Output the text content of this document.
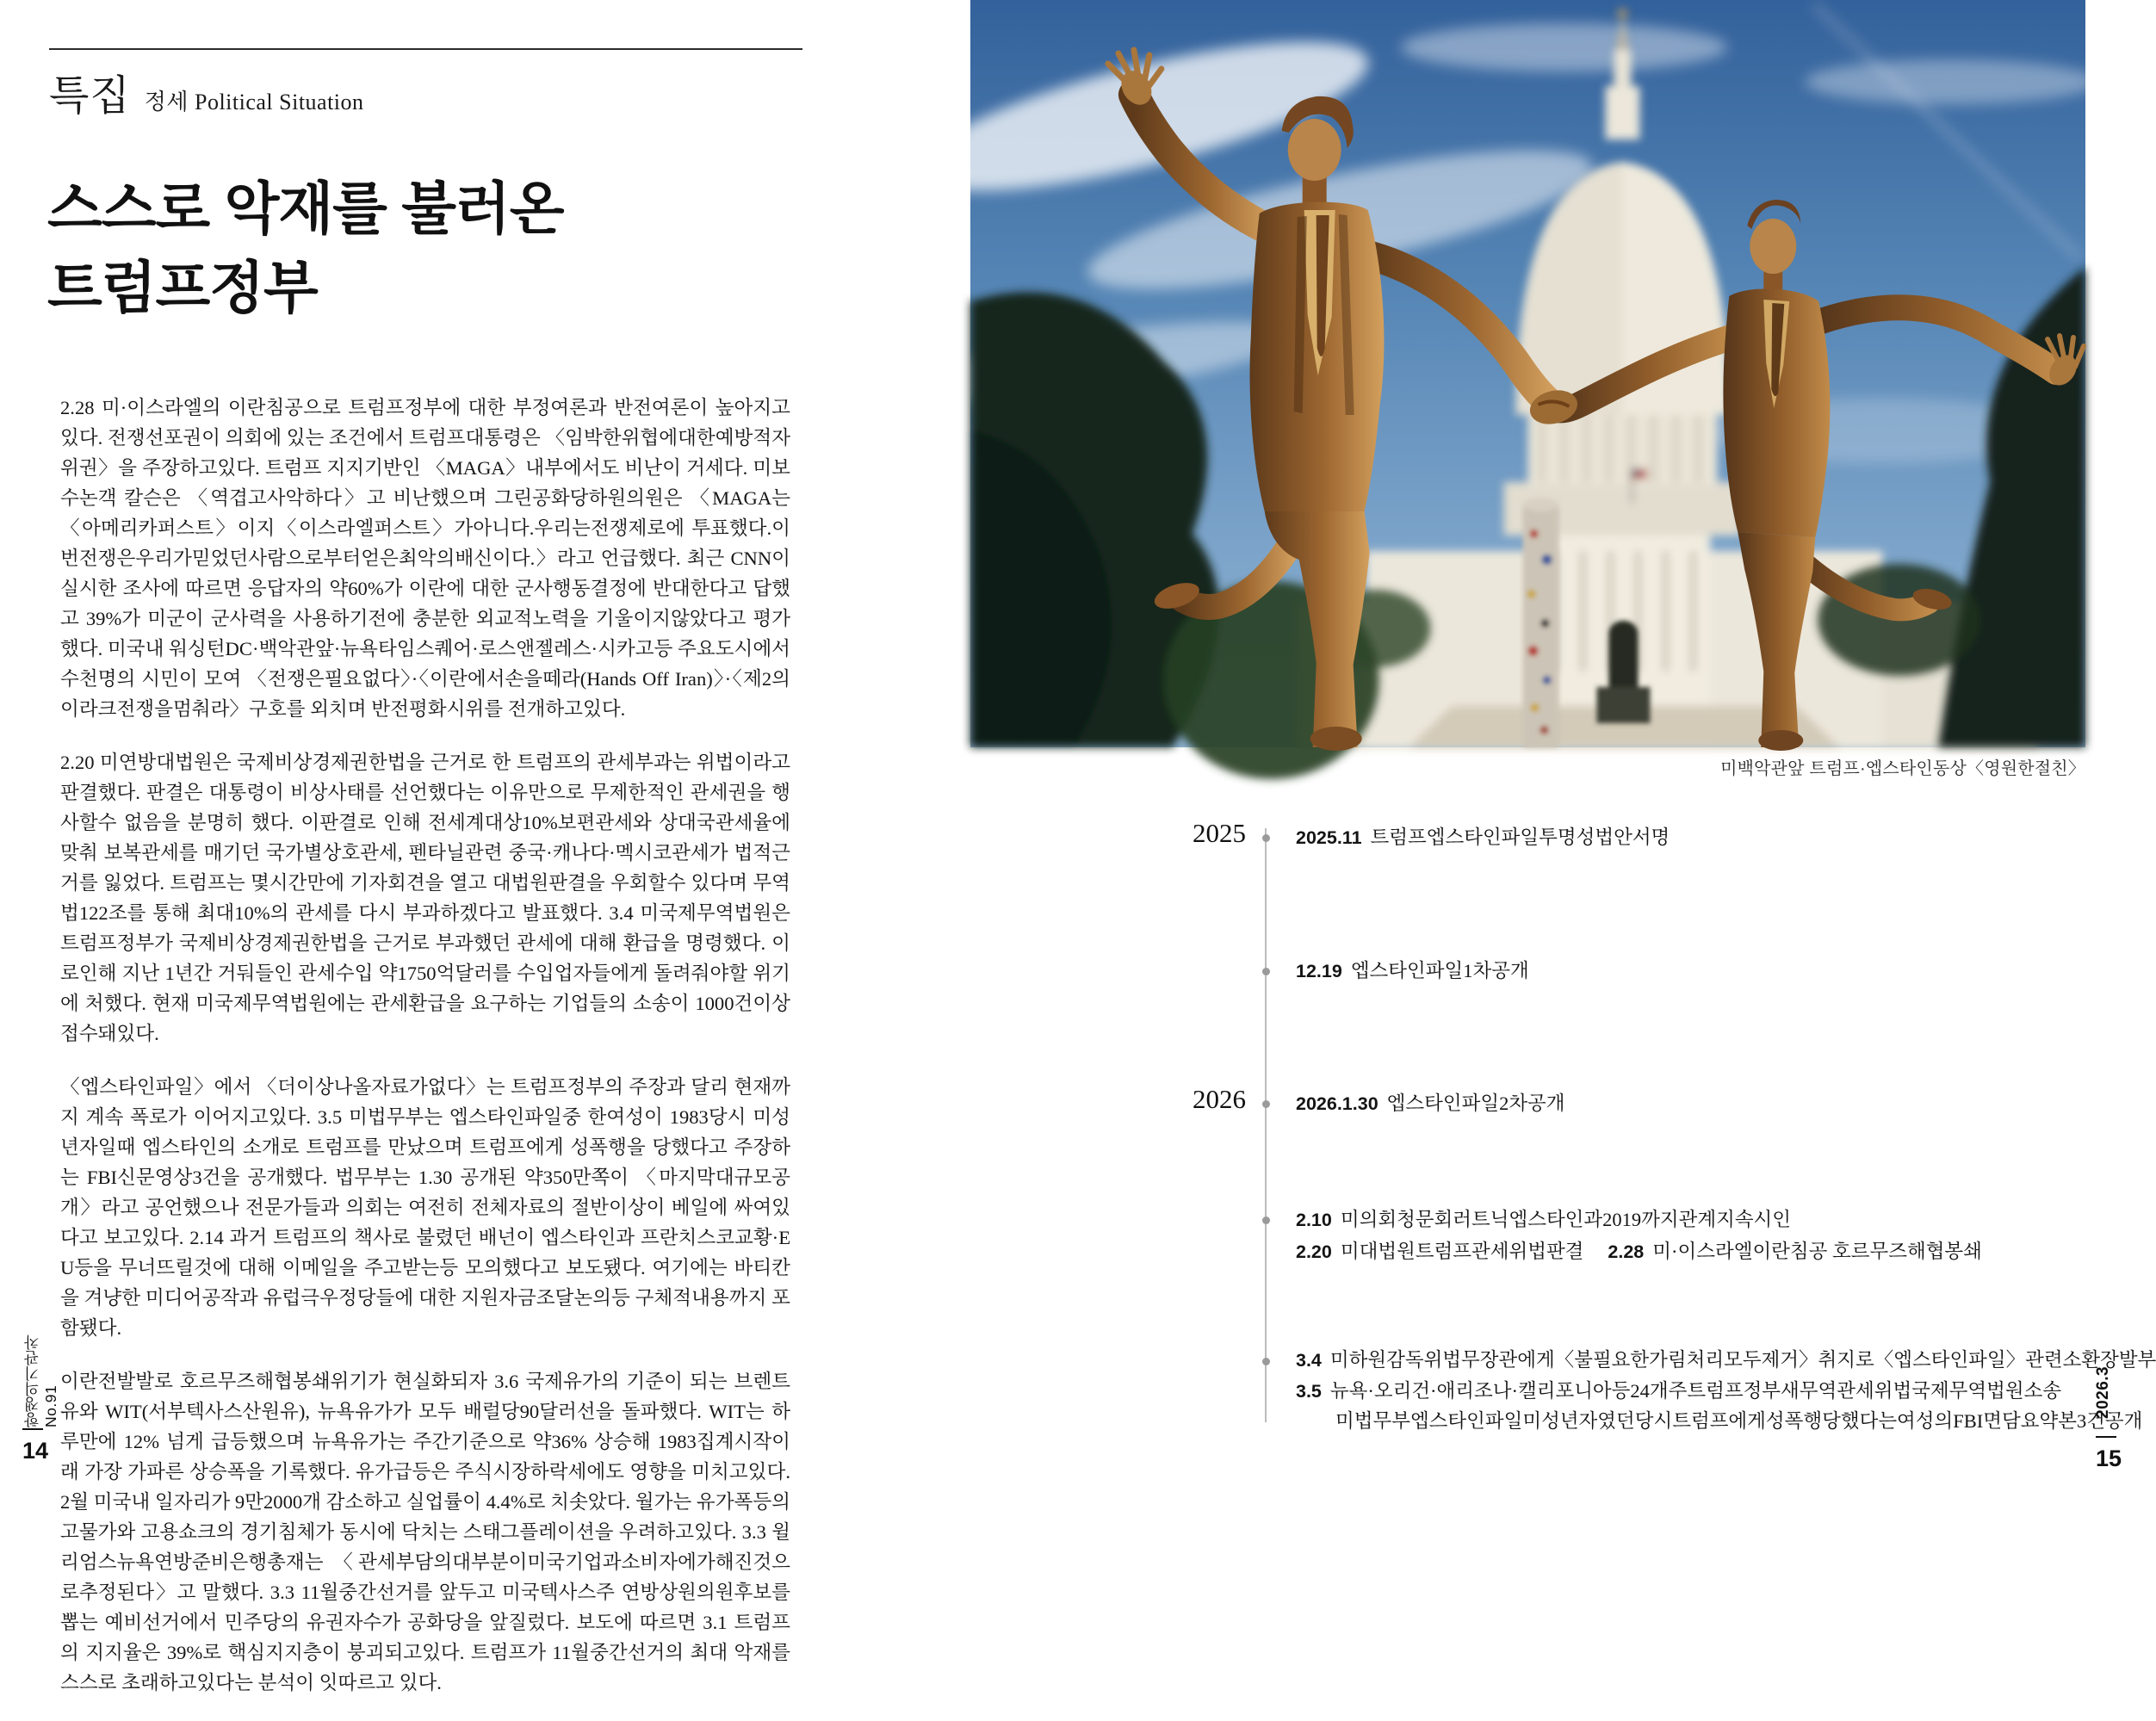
특집 정세 Political Situation
스스로 악재를 불러온
트럼프정부

2.28 미·이스라엘의 이란침공으로 트럼프정부에 대한 부정여론과 반전여론이 높아지고있다. 전쟁선포권이 의회에 있는 조건에서 트럼프대통령은 〈임박한위협에대한예방적자위권〉을 주장하고있다. 트럼프 지지기반인 〈MAGA〉내부에서도 비난이 거세다. 미보수논객 칼슨은 〈역겹고사악하다〉고 비난했으며 그린공화당하원의원은 〈MAGA는〈아메리카퍼스트〉이지〈이스라엘퍼스트〉가아니다.우리는전쟁제로에 투표했다.이번전쟁은우리가믿었던사람으로부터얻은최악의배신이다.〉라고 언급했다. 최근 CNN이 실시한 조사에 따르면 응답자의 약60%가 이란에 대한 군사행동결정에 반대한다고 답했고 39%가 미군이 군사력을 사용하기전에 충분한 외교적노력을 기울이지않았다고 평가했다. 미국내 워싱턴DC·백악관앞·뉴욕타임스퀘어·로스앤젤레스·시카고등 주요도시에서 수천명의 시민이 모여 〈전쟁은필요없다〉·〈이란에서손을떼라(Hands Off Iran)〉·〈제2의이라크전쟁을멈춰라〉구호를 외치며 반전평화시위를 전개하고있다.

2.20 미연방대법원은 국제비상경제권한법을 근거로 한 트럼프의 관세부과는 위법이라고 판결했다. 판결은 대통령이 비상사태를 선언했다는 이유만으로 무제한적인 관세권을 행사할수 없음을 분명히 했다. 이판결로 인해 전세계대상10%보편관세와 상대국관세율에 맞춰 보복관세를 매기던 국가별상호관세, 펜타닐관련 중국·캐나다·멕시코관세가 법적근거를 잃었다. 트럼프는 몇시간만에 기자회견을 열고 대법원판결을 우회할수 있다며 무역법122조를 통해 최대10%의 관세를 다시 부과하겠다고 발표했다. 3.4 미국제무역법원은 트럼프정부가 국제비상경제권한법을 근거로 부과했던 관세에 대해 환급을 명령했다. 이로인해 지난 1년간 거둬들인 관세수입 약1750억달러를 수입업자들에게 돌려줘야할 위기에 처했다. 현재 미국제무역법원에는 관세환급을 요구하는 기업들의 소송이 1000건이상 접수돼있다.

〈엡스타인파일〉에서 〈더이상나올자료가없다〉는 트럼프정부의 주장과 달리 현재까지 계속 폭로가 이어지고있다. 3.5 미법무부는 엡스타인파일중 한여성이 1983당시 미성년자일때 엡스타인의 소개로 트럼프를 만났으며 트럼프에게 성폭행을 당했다고 주장하는 FBI신문영상3건을 공개했다. 법무부는 1.30 공개된 약350만쪽이 〈마지막대규모공개〉라고 공언했으나 전문가들과 의회는 여전히 전체자료의 절반이상이 베일에 싸여있다고 보고있다. 2.14 과거 트럼프의 책사로 불렸던 배넌이 엡스타인과 프란치스코교황·EU등을 무너뜨릴것에 대해 이메일을 주고받는등 모의했다고 보도됐다. 여기에는 바티칸을 겨냥한 미디어공작과 유럽극우정당들에 대한 지원자금조달논의등 구체적내용까지 포함됐다.

이란전발발로 호르무즈해협봉쇄위기가 현실화되자 3.6 국제유가의 기준이 되는 브렌트유와 WIT(서부텍사스산원유), 뉴욕유가가 모두 배럴당90달러선을 돌파했다. WIT는 하루만에 12% 넘게 급등했으며 뉴욕유가는 주간기준으로 약36% 상승해 1983집계시작이래 가장 가파른 상승폭을 기록했다. 유가급등은 주식시장하락세에도 영향을 미치고있다. 2월 미국내 일자리가 9만2000개 감소하고 실업률이 4.4%로 치솟았다. 월가는 유가폭등의 고물가와 고용쇼크의 경기침체가 동시에 닥치는 스태그플레이션을 우려하고있다. 3.3 윌리엄스뉴욕연방준비은행총재는 〈관세부담의대부분이미국기업과소비자에가해진것으로추정된다〉고 말했다. 3.3 11월중간선거를 앞두고 미국텍사스주 연방상원의원후보를 뽑는 예비선거에서 민주당의 유권자수가 공화당을 앞질렀다. 보도에 따르면 3.1 트럼프의 지지율은 39%로 핵심지지층이 붕괴되고있다. 트럼프가 11월중간선거의 최대 악재를 스스로 초래하고있다는 분석이 잇따르고 있다.

항쟁의기관차No.91
14
미백악관앞 트럼프·엡스타인동상〈영원한절친〉
2025	2025.11 트럼프엡스타인파일투명성법안서명
12.19 엡스타인파일1차공개
2026	2026.1.30 엡스타인파일2차공개
2.10 미의회청문회러트닉엡스타인과2019까지관계지속시인
2.20 미대법원트럼프관세위법판결 2.28 미·이스라엘이란침공 호르무즈해협봉쇄
3.4 미하원감독위법무장관에게〈불필요한가림처리모두제거〉취지로〈엡스타인파일〉관련소환장발부
3.5 뉴욕·오리건·애리조나·캘리포니아등24개주트럼프정부새무역관세위법국제무역법원소송
미법무부엡스타인파일미성년자였던당시트럼프에게성폭행당했다는여성의FBI면담요약본3건공개
2026.3
15
